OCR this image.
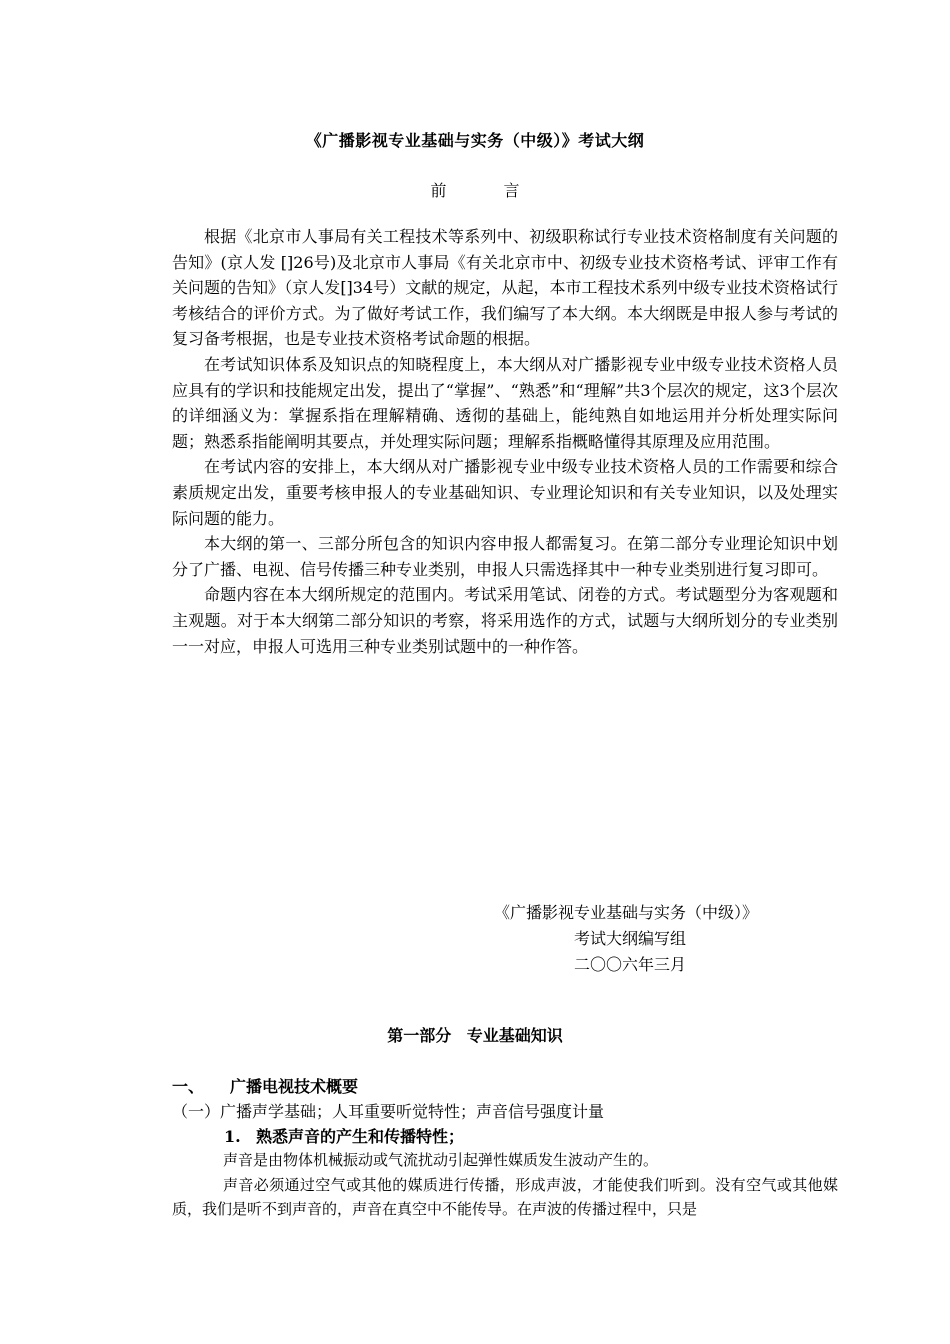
《广播影视专业基础与实务（中级）》考试大纲
前 言

根据《北京市人事局有关工程技术等系列中、初级职称试行专业技术资格制度有关问题的告知》(京人发 []26号)及北京市人事局《有关北京市中、初级专业技术资格考试、评审工作有关问题的告知》（京人发[]34号）文献的规定，从起，本市工程技术系列中级专业技术资格试行考核结合的评价方式。为了做好考试工作，我们编写了本大纲。本大纲既是申报人参与考试的复习备考根据，也是专业技术资格考试命题的根据。

在考试知识体系及知识点的知晓程度上，本大纲从对广播影视专业中级专业技术资格人员应具有的学识和技能规定出发，提出了“掌握”、“熟悉”和“理解”共3个层次的规定，这3个层次的详细涵义为：掌握系指在理解精确、透彻的基础上，能纯熟自如地运用并分析处理实际问题；熟悉系指能阐明其要点，并处理实际问题；理解系指概略懂得其原理及应用范围。

在考试内容的安排上，本大纲从对广播影视专业中级专业技术资格人员的工作需要和综合素质规定出发，重要考核申报人的专业基础知识、专业理论知识和有关专业知识，以及处理实际问题的能力。

本大纲的第一、三部分所包含的知识内容申报人都需复习。在第二部分专业理论知识中划分了广播、电视、信号传播三种专业类别，申报人只需选择其中一种专业类别进行复习即可。

命题内容在本大纲所规定的范围内。考试采用笔试、闭卷的方式。考试题型分为客观题和主观题。对于本大纲第二部分知识的考察，将采用选作的方式，试题与大纲所划分的专业类别一一对应，申报人可选用三种专业类别试题中的一种作答。

《广播影视专业基础与实务（中级）》
考试大纲编写组
二〇〇六年三月
第一部分 专业基础知识
一、 广播电视技术概要
（一）广播声学基础；人耳重要听觉特性；声音信号强度计量
1. 熟悉声音的产生和传播特性；

声音是由物体机械振动或气流扰动引起弹性媒质发生波动产生的。

声音必须通过空气或其他的媒质进行传播，形成声波，才能使我们听到。没有空气或其他媒质，我们是听不到声音的，声音在真空中不能传导。在声波的传播过程中，只是
